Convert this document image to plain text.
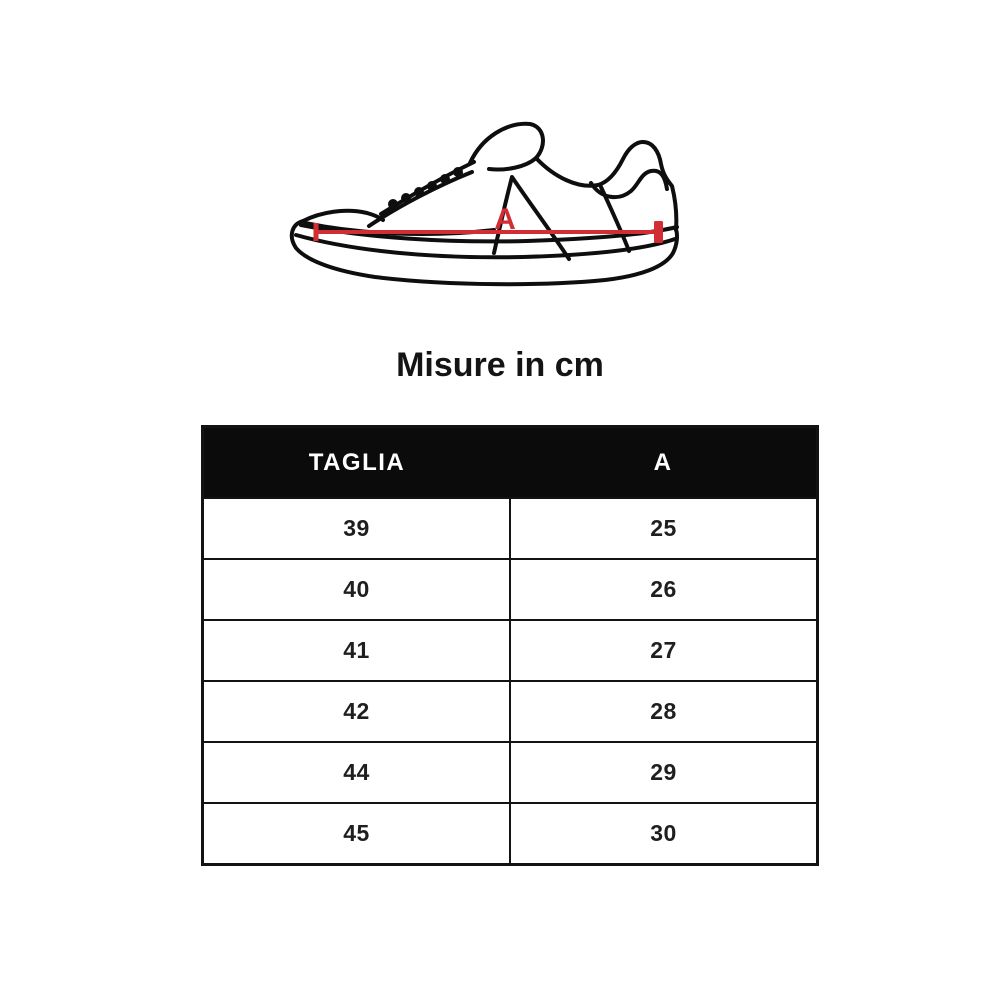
A
Misure in cm
TAGLIA	A
39	25
40	26
41	27
42	28
44	29
45	30
